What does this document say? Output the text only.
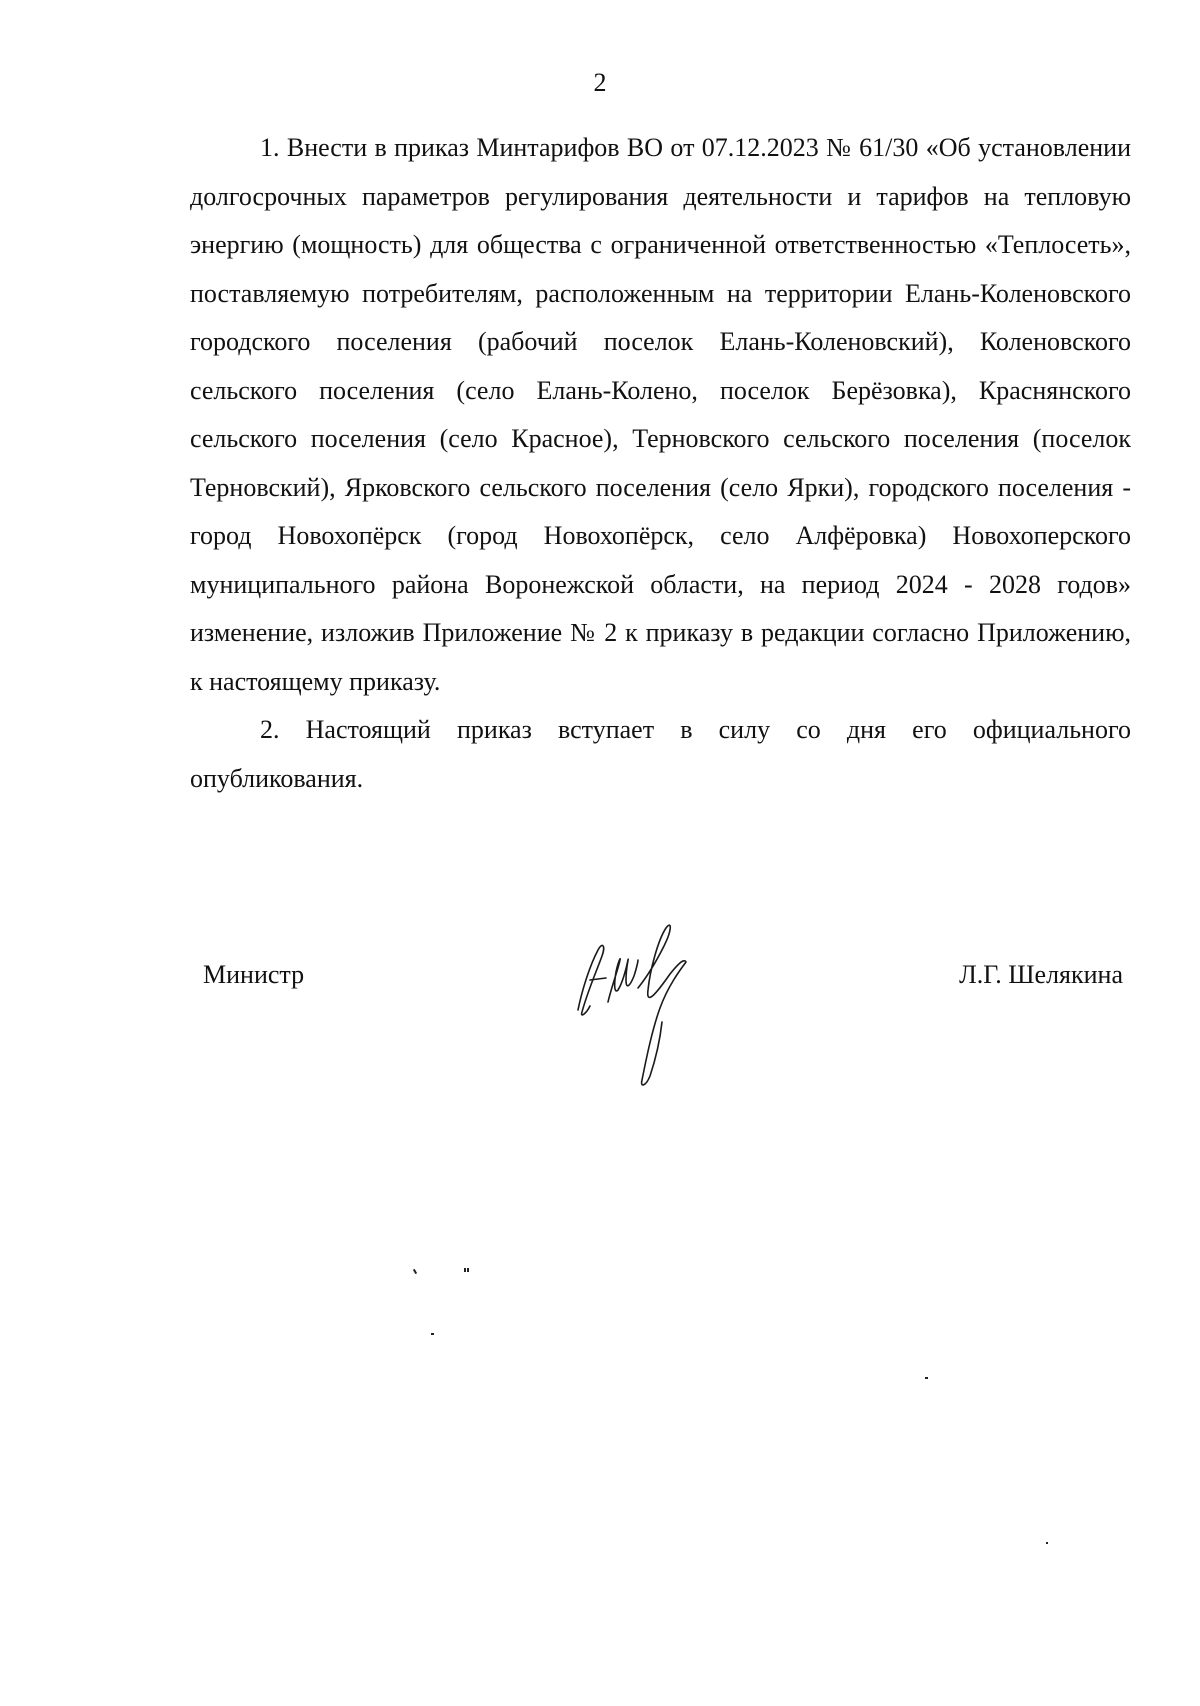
2

1. Внести в приказ Минтарифов ВО от 07.12.2023 № 61/30 «Об установлении долгосрочных параметров регулирования деятельности и тарифов на тепловую энергию (мощность) для общества с ограниченной ответственностью «Теплосеть», поставляемую потребителям, расположенным на территории Елань-Коленовского городского поселения (рабочий поселок Елань-Коленовский), Коленовского сельского поселения (село Елань-Колено, поселок Берёзовка), Краснянского сельского поселения (село Красное), Терновского сельского поселения (поселок Терновский), Ярковского сельского поселения (село Ярки), городского поселения - город Новохопёрск (город Новохопёрск, село Алфёровка) Новохоперского муниципального района Воронежской области, на период 2024 - 2028 годов» изменение, изложив Приложение № 2 к приказу в редакции согласно Приложению, к настоящему приказу.

2. Настоящий приказ вступает в силу со дня его официального опубликования.

Министр	Л.Г. Шелякина
